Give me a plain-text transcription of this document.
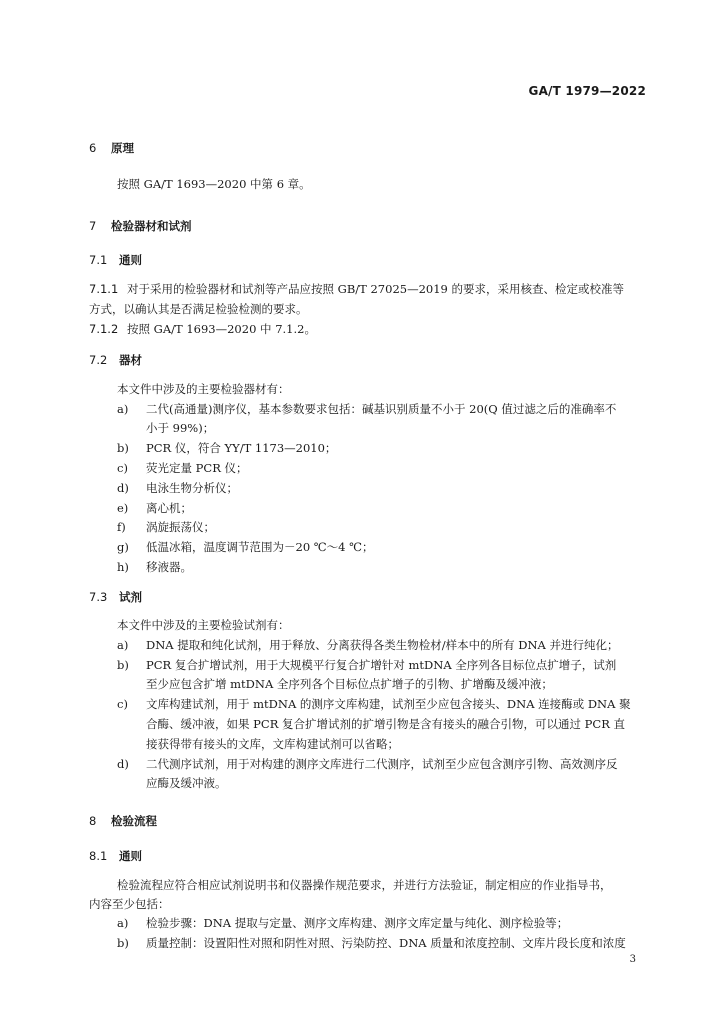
GA/T 1979—2022
6 原理
按照 GA/T 1693—2020 中第 6 章。
7 检验器材和试剂
7.1 通则
7.1.1 对于采用的检验器材和试剂等产品应按照 GB/T 27025—2019 的要求，采用核查、检定或校准等
方式，以确认其是否满足检验检测的要求。
7.1.2 按照 GA/T 1693—2020 中 7.1.2。
7.2 器材
本文件中涉及的主要检验器材有：
a) 二代(高通量)测序仪，基本参数要求包括：碱基识别质量不小于 20(Q 值过滤之后的准确率不
小于 99%)；
b) PCR 仪，符合 YY/T 1173—2010；
c) 荧光定量 PCR 仪；
d) 电泳生物分析仪；
e) 离心机；
f) 涡旋振荡仪；
g) 低温冰箱，温度调节范围为－20 ℃～4 ℃；
h) 移液器。
7.3 试剂
本文件中涉及的主要检验试剂有：
a) DNA 提取和纯化试剂，用于释放、分离获得各类生物检材/样本中的所有 DNA 并进行纯化；
b) PCR 复合扩增试剂，用于大规模平行复合扩增针对 mtDNA 全序列各目标位点扩增子，试剂
至少应包含扩增 mtDNA 全序列各个目标位点扩增子的引物、扩增酶及缓冲液；
c) 文库构建试剂，用于 mtDNA 的测序文库构建，试剂至少应包含接头、DNA 连接酶或 DNA 聚
合酶、缓冲液，如果 PCR 复合扩增试剂的扩增引物是含有接头的融合引物，可以通过 PCR 直
接获得带有接头的文库，文库构建试剂可以省略；
d) 二代测序试剂，用于对构建的测序文库进行二代测序，试剂至少应包含测序引物、高效测序反
应酶及缓冲液。
8 检验流程
8.1 通则
检验流程应符合相应试剂说明书和仪器操作规范要求，并进行方法验证，制定相应的作业指导书，
内容至少包括：
a) 检验步骤：DNA 提取与定量、测序文库构建、测序文库定量与纯化、测序检验等；
b) 质量控制：设置阳性对照和阴性对照、污染防控、DNA 质量和浓度控制、文库片段长度和浓度
3
